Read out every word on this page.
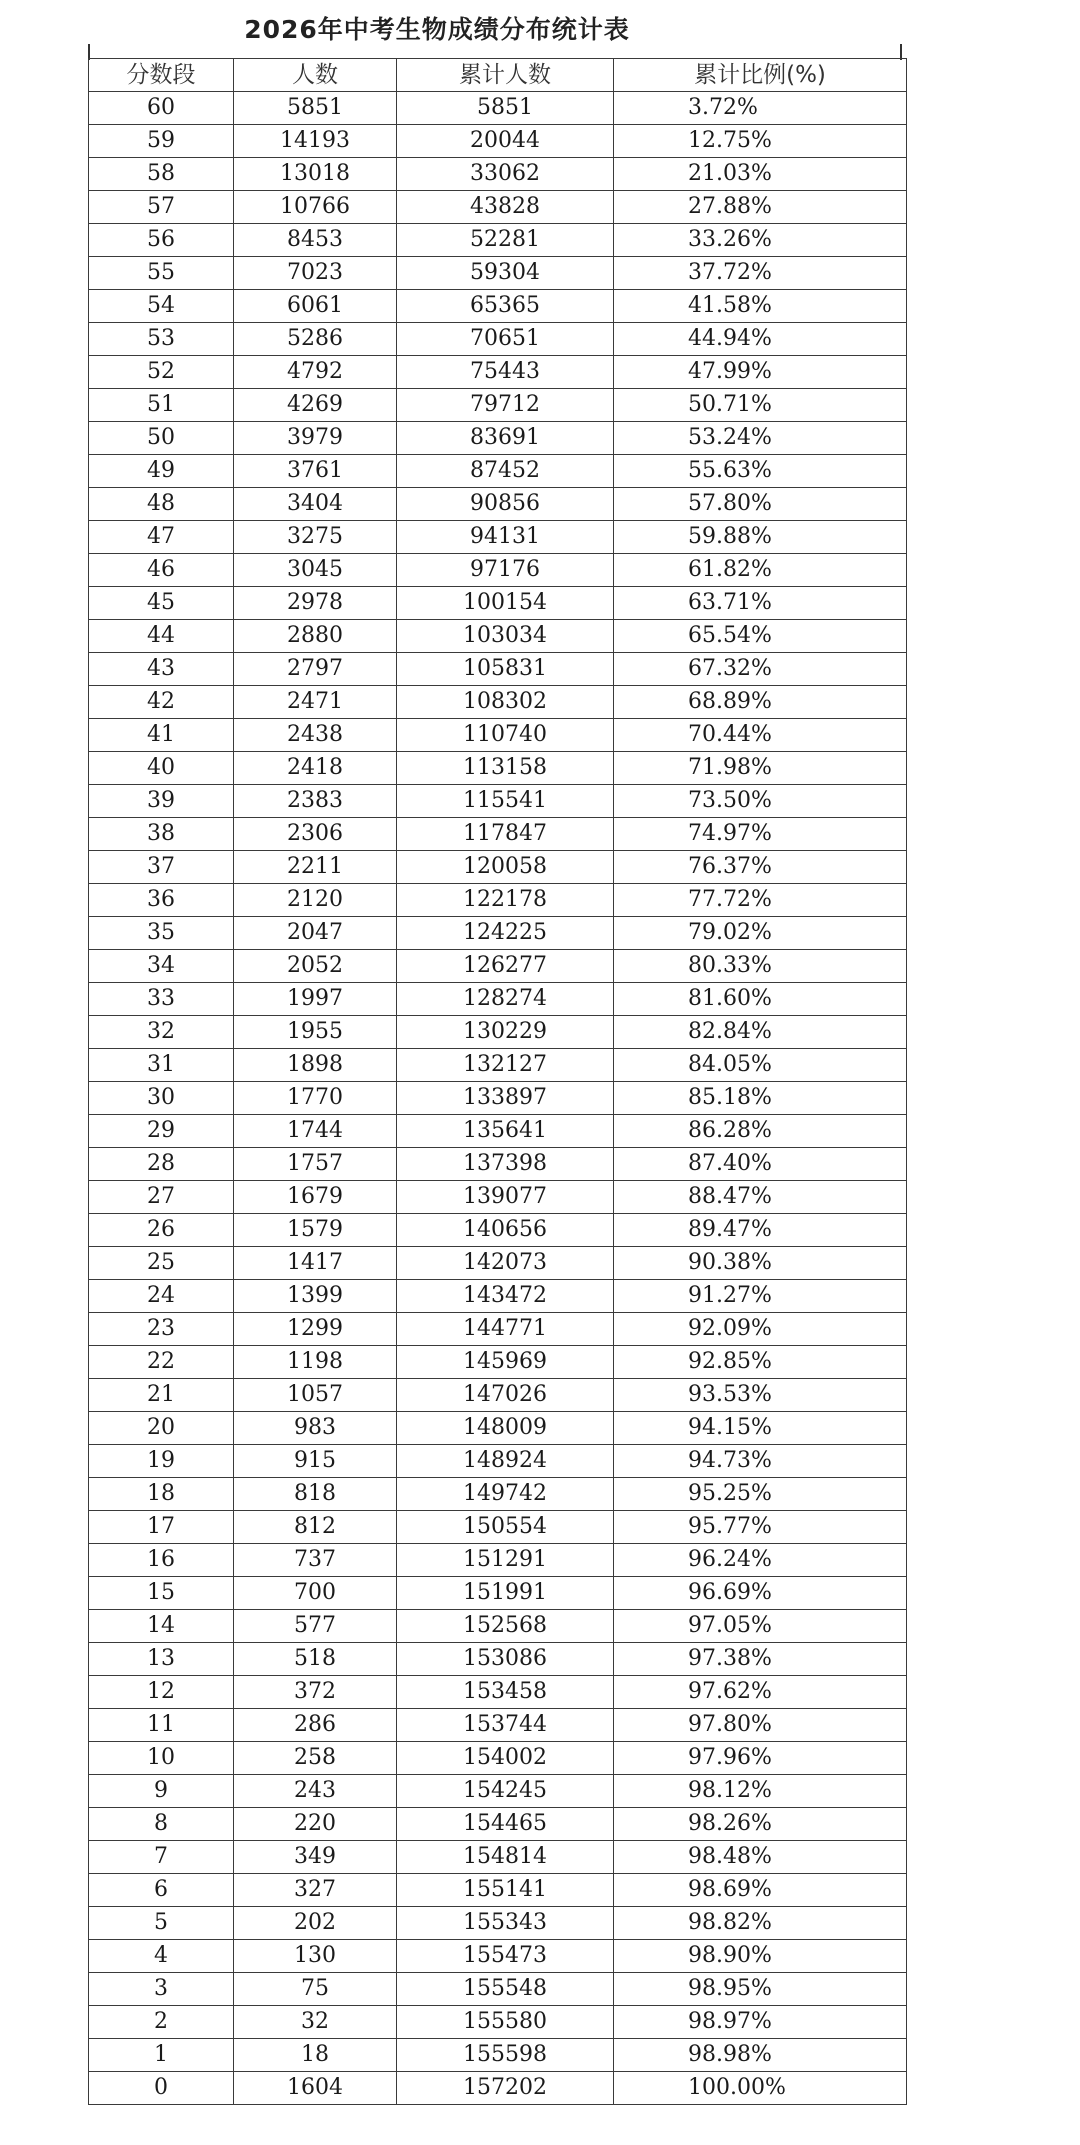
2026年中考生物成绩分布统计表
分数段	人数	累计人数	累计比例(%)
60	5851	5851	3.72%
59	14193	20044	12.75%
58	13018	33062	21.03%
57	10766	43828	27.88%
56	8453	52281	33.26%
55	7023	59304	37.72%
54	6061	65365	41.58%
53	5286	70651	44.94%
52	4792	75443	47.99%
51	4269	79712	50.71%
50	3979	83691	53.24%
49	3761	87452	55.63%
48	3404	90856	57.80%
47	3275	94131	59.88%
46	3045	97176	61.82%
45	2978	100154	63.71%
44	2880	103034	65.54%
43	2797	105831	67.32%
42	2471	108302	68.89%
41	2438	110740	70.44%
40	2418	113158	71.98%
39	2383	115541	73.50%
38	2306	117847	74.97%
37	2211	120058	76.37%
36	2120	122178	77.72%
35	2047	124225	79.02%
34	2052	126277	80.33%
33	1997	128274	81.60%
32	1955	130229	82.84%
31	1898	132127	84.05%
30	1770	133897	85.18%
29	1744	135641	86.28%
28	1757	137398	87.40%
27	1679	139077	88.47%
26	1579	140656	89.47%
25	1417	142073	90.38%
24	1399	143472	91.27%
23	1299	144771	92.09%
22	1198	145969	92.85%
21	1057	147026	93.53%
20	983	148009	94.15%
19	915	148924	94.73%
18	818	149742	95.25%
17	812	150554	95.77%
16	737	151291	96.24%
15	700	151991	96.69%
14	577	152568	97.05%
13	518	153086	97.38%
12	372	153458	97.62%
11	286	153744	97.80%
10	258	154002	97.96%
9	243	154245	98.12%
8	220	154465	98.26%
7	349	154814	98.48%
6	327	155141	98.69%
5	202	155343	98.82%
4	130	155473	98.90%
3	75	155548	98.95%
2	32	155580	98.97%
1	18	155598	98.98%
0	1604	157202	100.00%
